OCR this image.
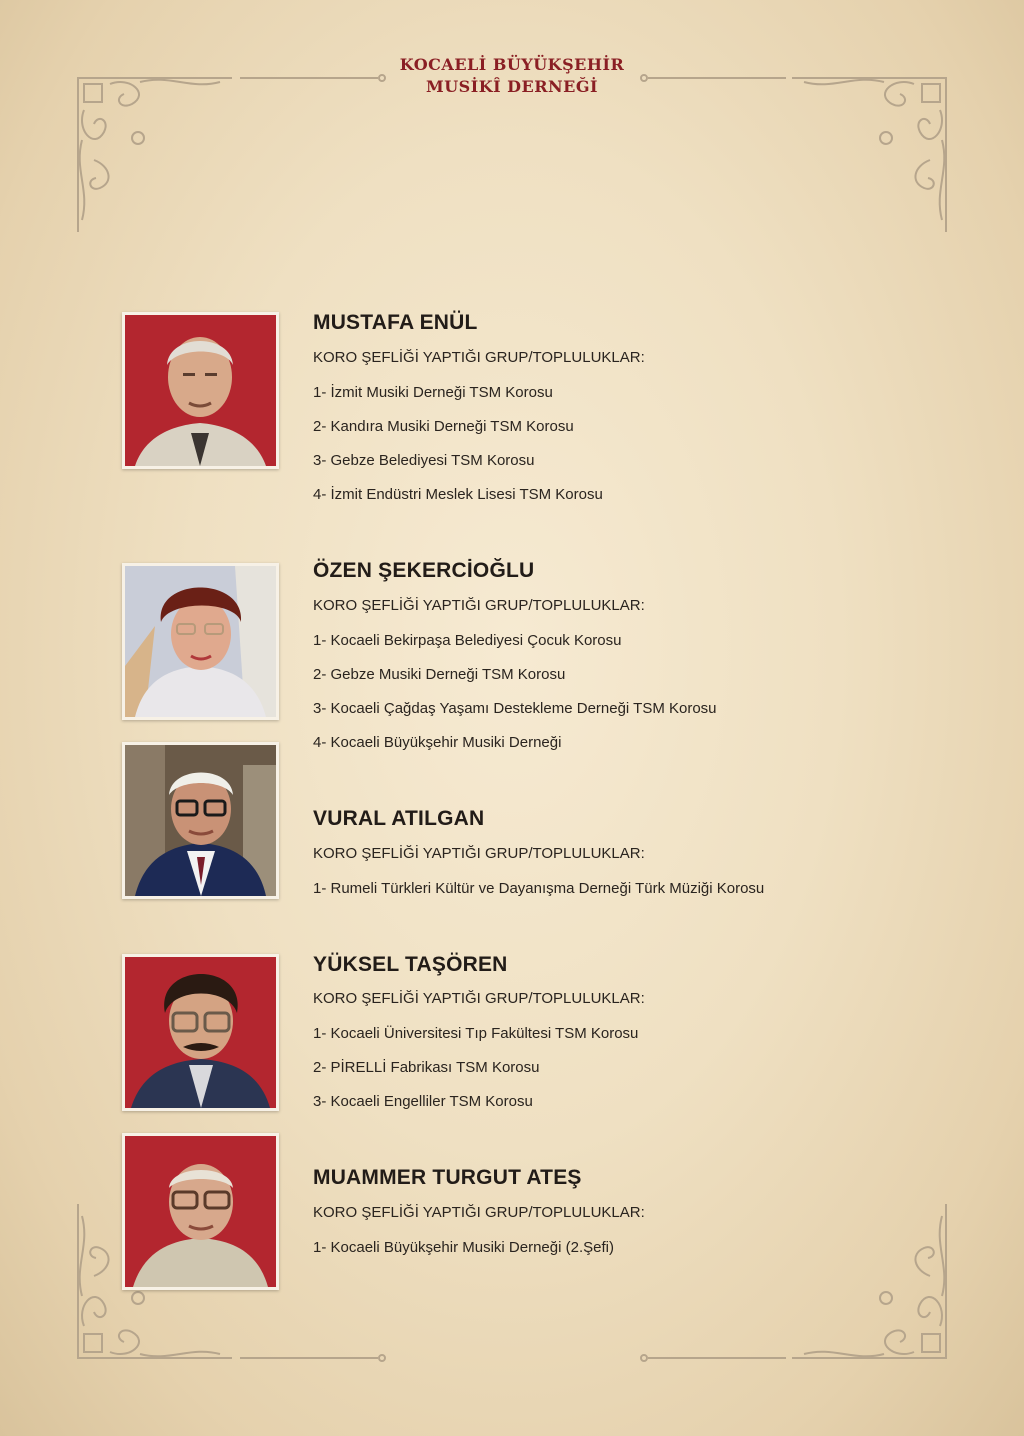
KOCAELİ BÜYÜKŞEHİR
MUSİKÎ DERNEĞİ
MUSTAFA ENÜL
KORO ŞEFLİĞİ YAPTIĞI GRUP/TOPLULUKLAR:
1- İzmit Musiki Derneği TSM Korosu
2- Kandıra Musiki Derneği TSM Korosu
3- Gebze Belediyesi TSM Korosu
4- İzmit Endüstri Meslek Lisesi TSM Korosu
ÖZEN ŞEKERCİOĞLU
KORO ŞEFLİĞİ YAPTIĞI GRUP/TOPLULUKLAR:
1- Kocaeli Bekirpaşa Belediyesi Çocuk Korosu
2- Gebze Musiki Derneği TSM Korosu
3- Kocaeli Çağdaş Yaşamı Destekleme Derneği TSM Korosu
4- Kocaeli Büyükşehir Musiki Derneği
VURAL ATILGAN
KORO ŞEFLİĞİ YAPTIĞI GRUP/TOPLULUKLAR:
1- Rumeli Türkleri Kültür ve Dayanışma Derneği Türk Müziği Korosu
YÜKSEL TAŞÖREN
KORO ŞEFLİĞİ YAPTIĞI GRUP/TOPLULUKLAR:
1- Kocaeli Üniversitesi Tıp Fakültesi TSM Korosu
2- PİRELLİ Fabrikası TSM Korosu
3- Kocaeli Engelliler TSM Korosu
MUAMMER TURGUT ATEŞ
KORO ŞEFLİĞİ YAPTIĞI GRUP/TOPLULUKLAR:
1- Kocaeli Büyükşehir Musiki Derneği (2.Şefi)
